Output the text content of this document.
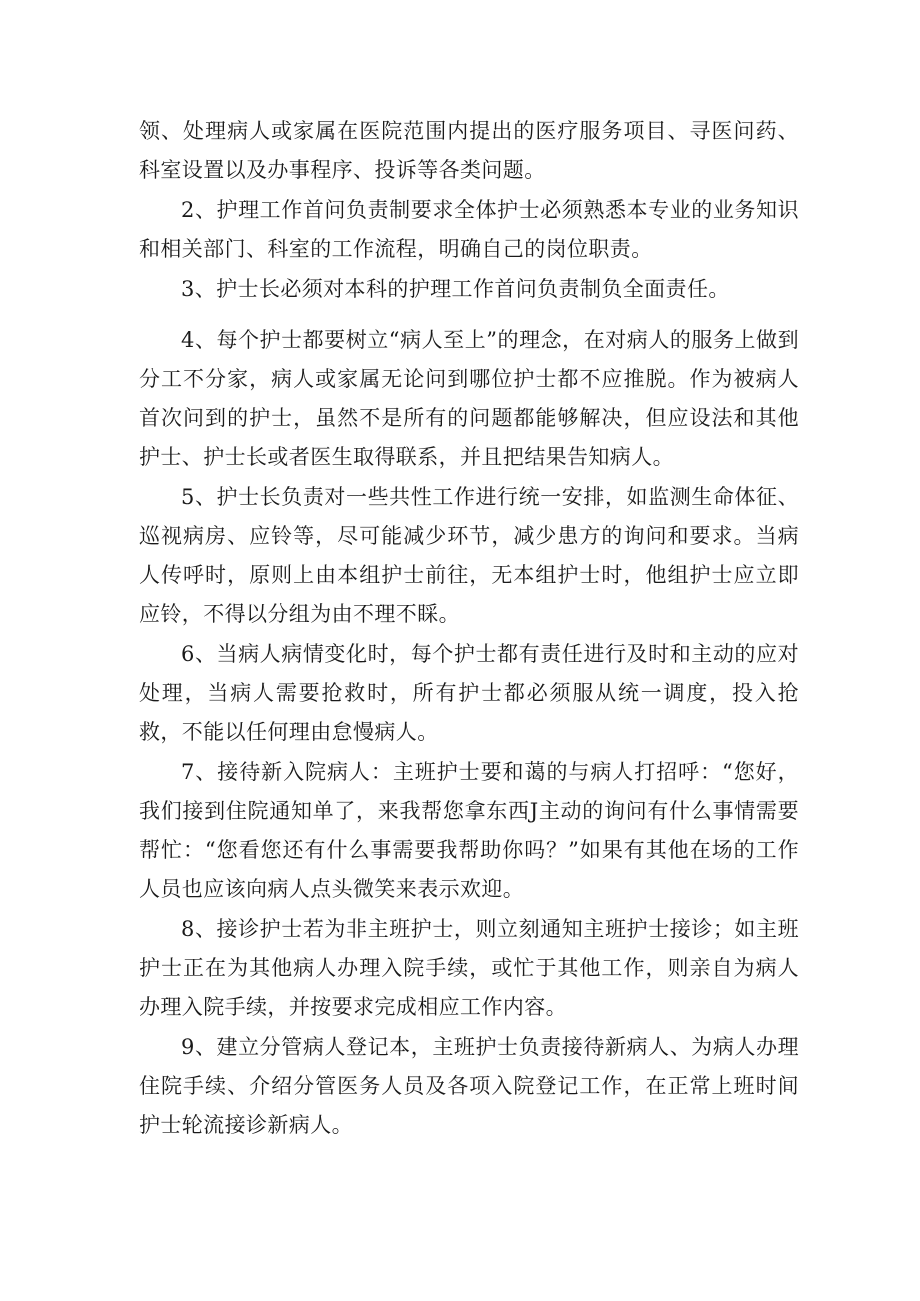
领、处理病人或家属在医院范围内提出的医疗服务项目、寻医问药、科室设置以及办事程序、投诉等各类问题。

2、护理工作首问负责制要求全体护士必须熟悉本专业的业务知识和相关部门、科室的工作流程，明确自己的岗位职责。

3、护士长必须对本科的护理工作首问负责制负全面责任。

4、每个护士都要树立“病人至上”的理念，在对病人的服务上做到分工不分家，病人或家属无论问到哪位护士都不应推脱。作为被病人首次问到的护士，虽然不是所有的问题都能够解决，但应设法和其他护士、护士长或者医生取得联系，并且把结果告知病人。

5、护士长负责对一些共性工作进行统一安排，如监测生命体征、巡视病房、应铃等，尽可能减少环节，减少患方的询问和要求。当病人传呼时，原则上由本组护士前往，无本组护士时，他组护士应立即应铃，不得以分组为由不理不睬。

6、当病人病情变化时，每个护士都有责任进行及时和主动的应对处理，当病人需要抢救时，所有护士都必须服从统一调度，投入抢救，不能以任何理由怠慢病人。

7、接待新入院病人：主班护士要和蔼的与病人打招呼：“您好，我们接到住院通知单了，来我帮您拿东西J主动的询问有什么事情需要帮忙：“您看您还有什么事需要我帮助你吗？”如果有其他在场的工作人员也应该向病人点头微笑来表示欢迎。

8、接诊护士若为非主班护士，则立刻通知主班护士接诊；如主班护士正在为其他病人办理入院手续，或忙于其他工作，则亲自为病人办理入院手续，并按要求完成相应工作内容。

9、建立分管病人登记本，主班护士负责接待新病人、为病人办理住院手续、介绍分管医务人员及各项入院登记工作，在正常上班时间护士轮流接诊新病人。
